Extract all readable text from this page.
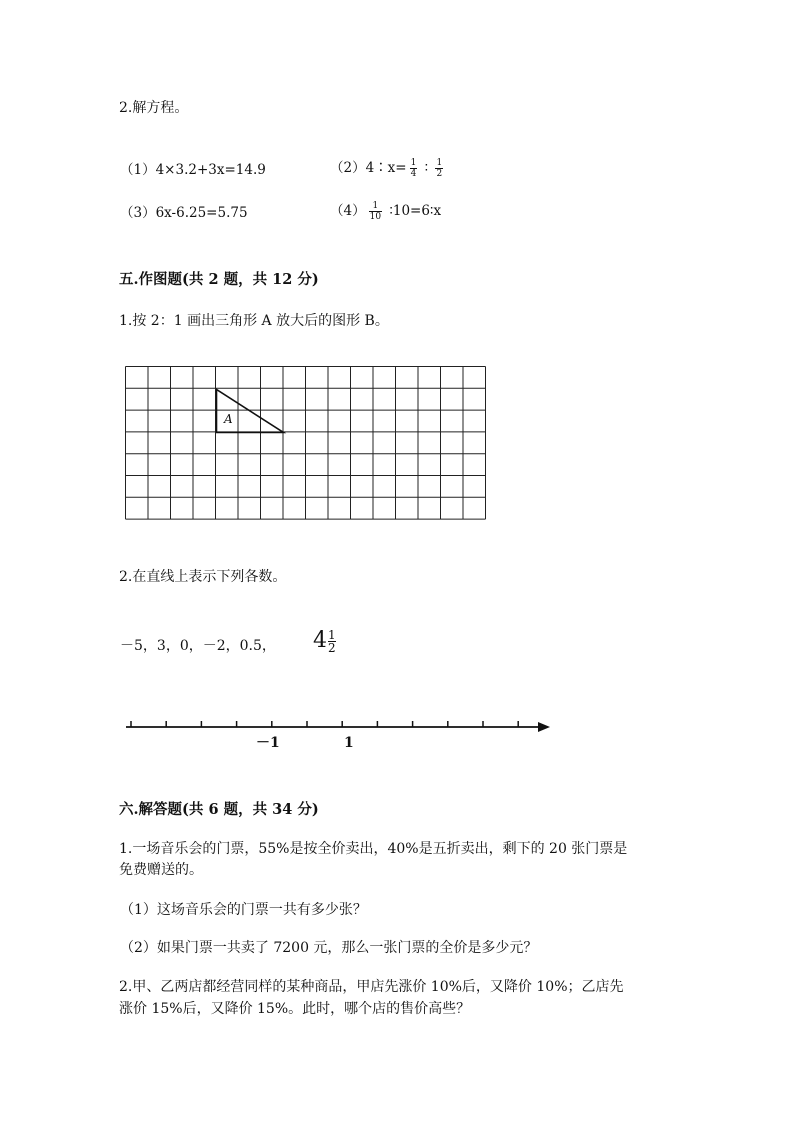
2.解方程。
（1）4×3.2+3x=14.9	（2）4∶x= $\frac{1}{4}$ ∶ $\frac{1}{2}$
（3）6x-6.25=5.75	$(4) \frac{1}{10}$ ∶10=6∶x
五.作图题(共 2 题，共 12 分)
1.按 2：1 画出三角形 A 放大后的图形 B。
A
2.在直线上表示下列各数。
－5，3，0，－2，0.5， $4 \frac{1}{2}$
－1	1
六.解答题(共 6 题，共 34 分)
1.一场音乐会的门票，55%是按全价卖出，40%是五折卖出，剩下的 20 张门票是
免费赠送的。
（1）这场音乐会的门票一共有多少张？
（2）如果门票一共卖了 7200 元，那么一张门票的全价是多少元？
2.甲、乙两店都经营同样的某种商品，甲店先涨价 10%后，又降价 10%；乙店先
涨价 15%后，又降价 15%。此时，哪个店的售价高些？
